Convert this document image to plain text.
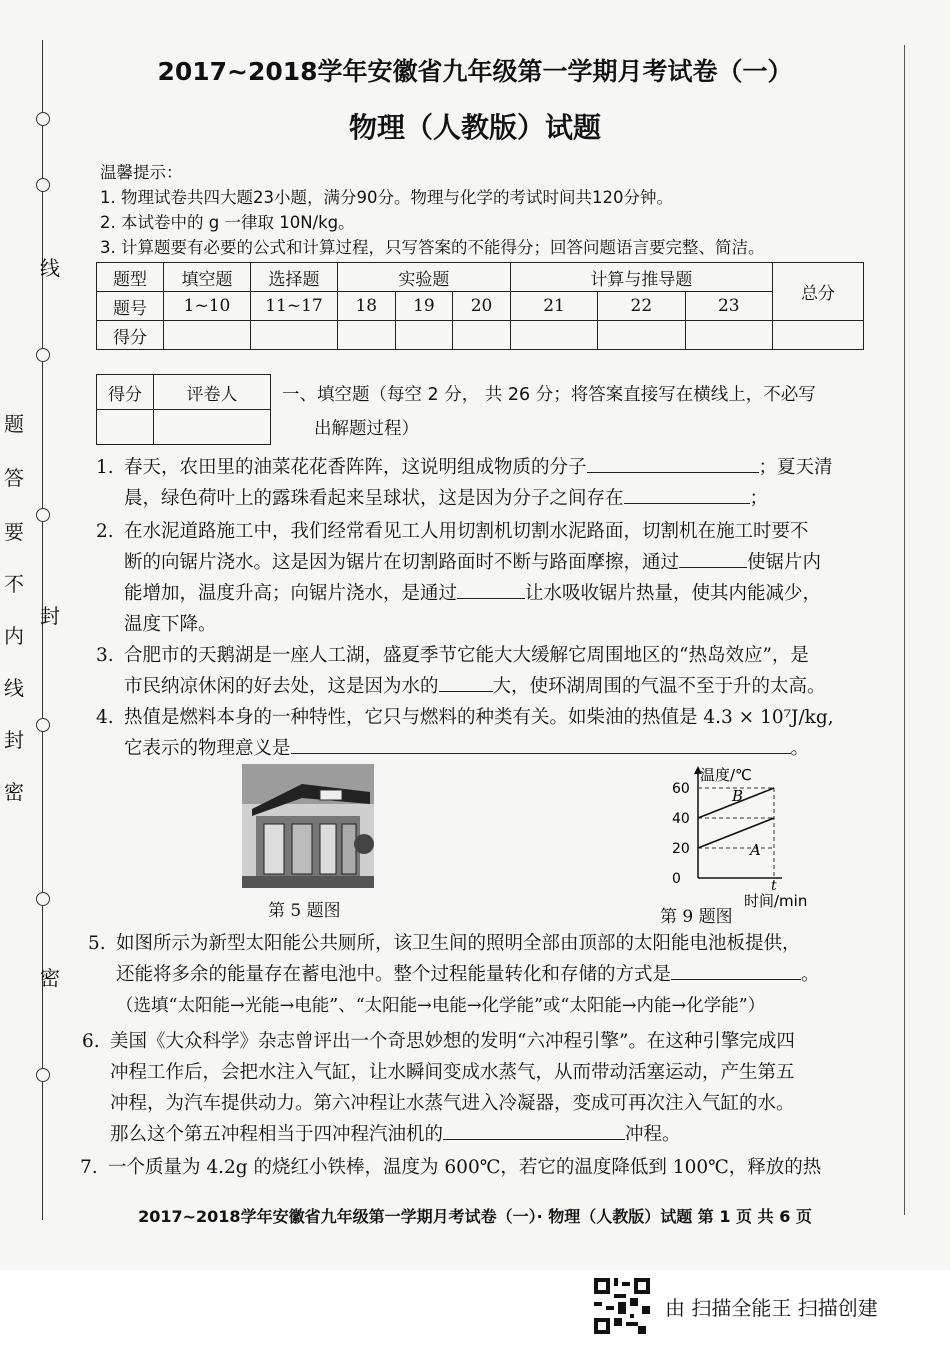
线
题
答
要
不
内
封
线
封
密
密
2017~2018学年安徽省九年级第一学期月考试卷（一）
物理（人教版）试题
温馨提示：
1. 物理试卷共四大题23小题，满分90分。物理与化学的考试时间共120分钟。
2. 本试卷中的 g 一律取 10N/kg。
3. 计算题要有必要的公式和计算过程，只写答案的不能得分；回答问题语言要完整、简洁。
题型	填空题	选择题	实验题			计算与推导题			总分
题号	1~10	11~17	18	19	20	21	22	23	
得分									
得分	评卷人
		一、填空题（每空 2 分， 共 26 分；将答案直接写在横线上，不必写
出解题过程）
1. 春天，农田里的油菜花花香阵阵，这说明组成物质的分子	；夏天清
晨，绿色荷叶上的露珠看起来呈球状，这是因为分子之间存在	；
2. 在水泥道路施工中，我们经常看见工人用切割机切割水泥路面，切割机在施工时要不
断的向锯片浇水。这是因为锯片在切割路面时不断与路面摩擦，通过	使锯片内
能增加，温度升高；向锯片浇水，是通过	让水吸收锯片热量，使其内能减少，
温度下降。
3. 合肥市的天鹅湖是一座人工湖，盛夏季节它能大大缓解它周围地区的“热岛效应”，是
市民纳凉休闲的好去处，这是因为水的	大，使环湖周围的气温不至于升的太高。
4. 热值是燃料本身的一种特性，它只与燃料的种类有关。如柴油的热值是 4.3 × 10⁷J/kg,
它表示的物理意义是	。
第 5 题图
温度/℃
时间/min
0
20
40
60
t
A
B
第 9 题图
5. 如图所示为新型太阳能公共厕所，该卫生间的照明全部由顶部的太阳能电池板提供，
还能将多余的能量存在蓄电池中。整个过程能量转化和存储的方式是	。
（选填“太阳能→光能→电能”、“太阳能→电能→化学能”或“太阳能→内能→化学能”）
6. 美国《大众科学》杂志曾评出一个奇思妙想的发明“六冲程引擎”。在这种引擎完成四
冲程工作后，会把水注入气缸，让水瞬间变成水蒸气，从而带动活塞运动，产生第五
冲程，为汽车提供动力。第六冲程让水蒸气进入冷凝器，变成可再次注入气缸的水。
那么这个第五冲程相当于四冲程汽油机的	冲程。
7. 一个质量为 4.2g 的烧红小铁棒，温度为 600℃，若它的温度降低到 100℃，释放的热
2017~2018学年安徽省九年级第一学期月考试卷（一）· 物理（人教版）试题 第 1 页 共 6 页
由 扫描全能王 扫描创建
